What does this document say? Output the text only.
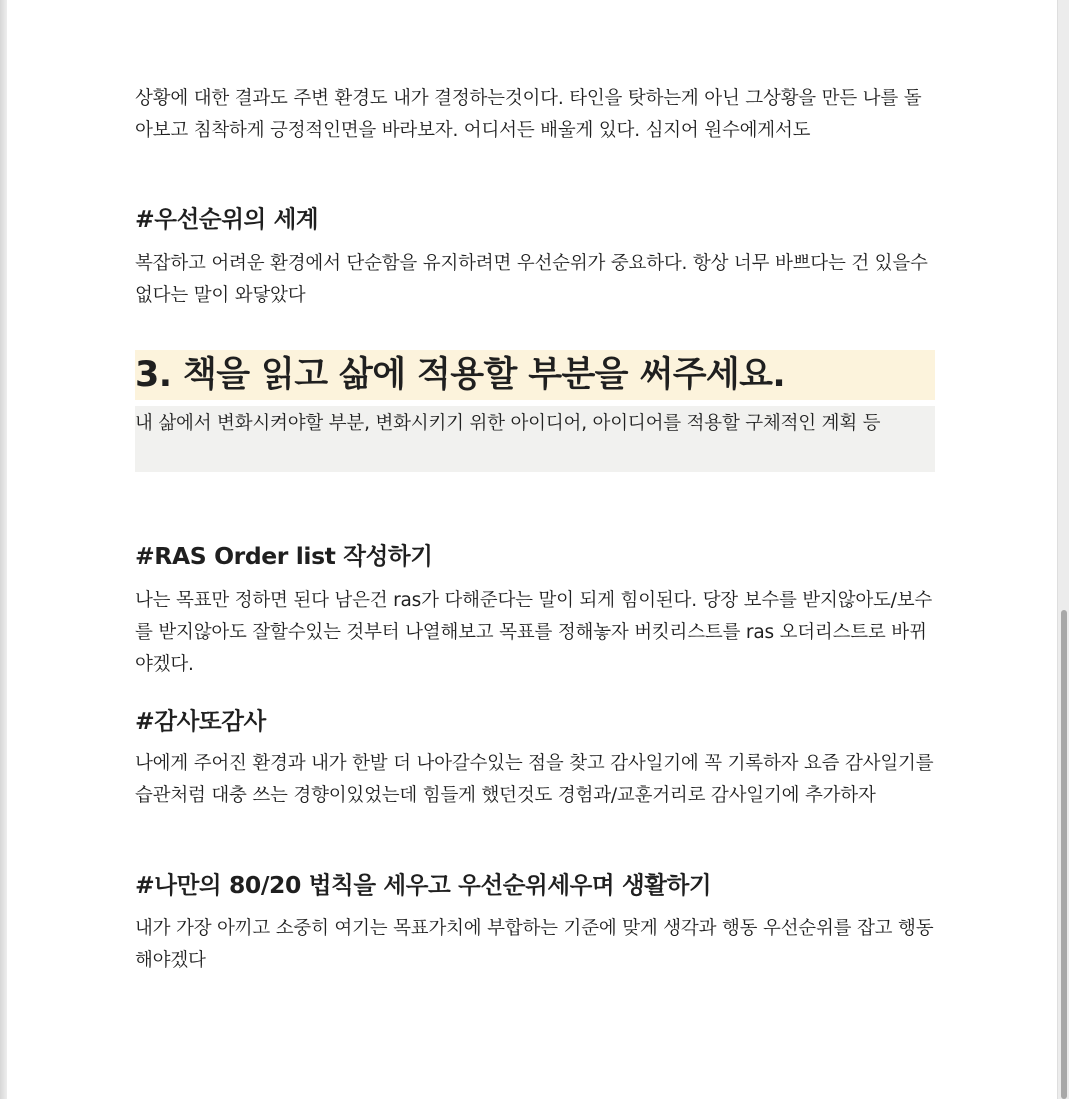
상황에 대한 결과도 주변 환경도 내가 결정하는것이다. 타인을 탓하는게 아닌 그상황을 만든 나를 돌아보고 침착하게 긍정적인면을 바라보자. 어디서든 배울게 있다. 심지어 원수에게서도

#우선순위의 세계

복잡하고 어려운 환경에서 단순함을 유지하려면 우선순위가 중요하다. 항상 너무 바쁘다는 건 있을수없다는 말이 와닿았다

3. 책을 읽고 삶에 적용할 부분을 써주세요.

내 삶에서 변화시켜야할 부분, 변화시키기 위한 아이디어, 아이디어를 적용할 구체적인 계획 등

#RAS Order list 작성하기

나는 목표만 정하면 된다 남은건 ras가 다해준다는 말이 되게 힘이된다. 당장 보수를 받지않아도/보수를 받지않아도 잘할수있는 것부터 나열해보고 목표를 정해놓자 버킷리스트를 ras 오더리스트로 바뀌야겠다.

#감사또감사

나에게 주어진 환경과 내가 한발 더 나아갈수있는 점을 찾고 감사일기에 꼭 기록하자 요즘 감사일기를 습관처럼 대충 쓰는 경향이있었는데 힘들게 했던것도 경험과/교훈거리로 감사일기에 추가하자

#나만의 80/20 법칙을 세우고 우선순위세우며 생활하기

내가 가장 아끼고 소중히 여기는 목표가치에 부합하는 기준에 맞게 생각과 행동 우선순위를 잡고 행동해야겠다
